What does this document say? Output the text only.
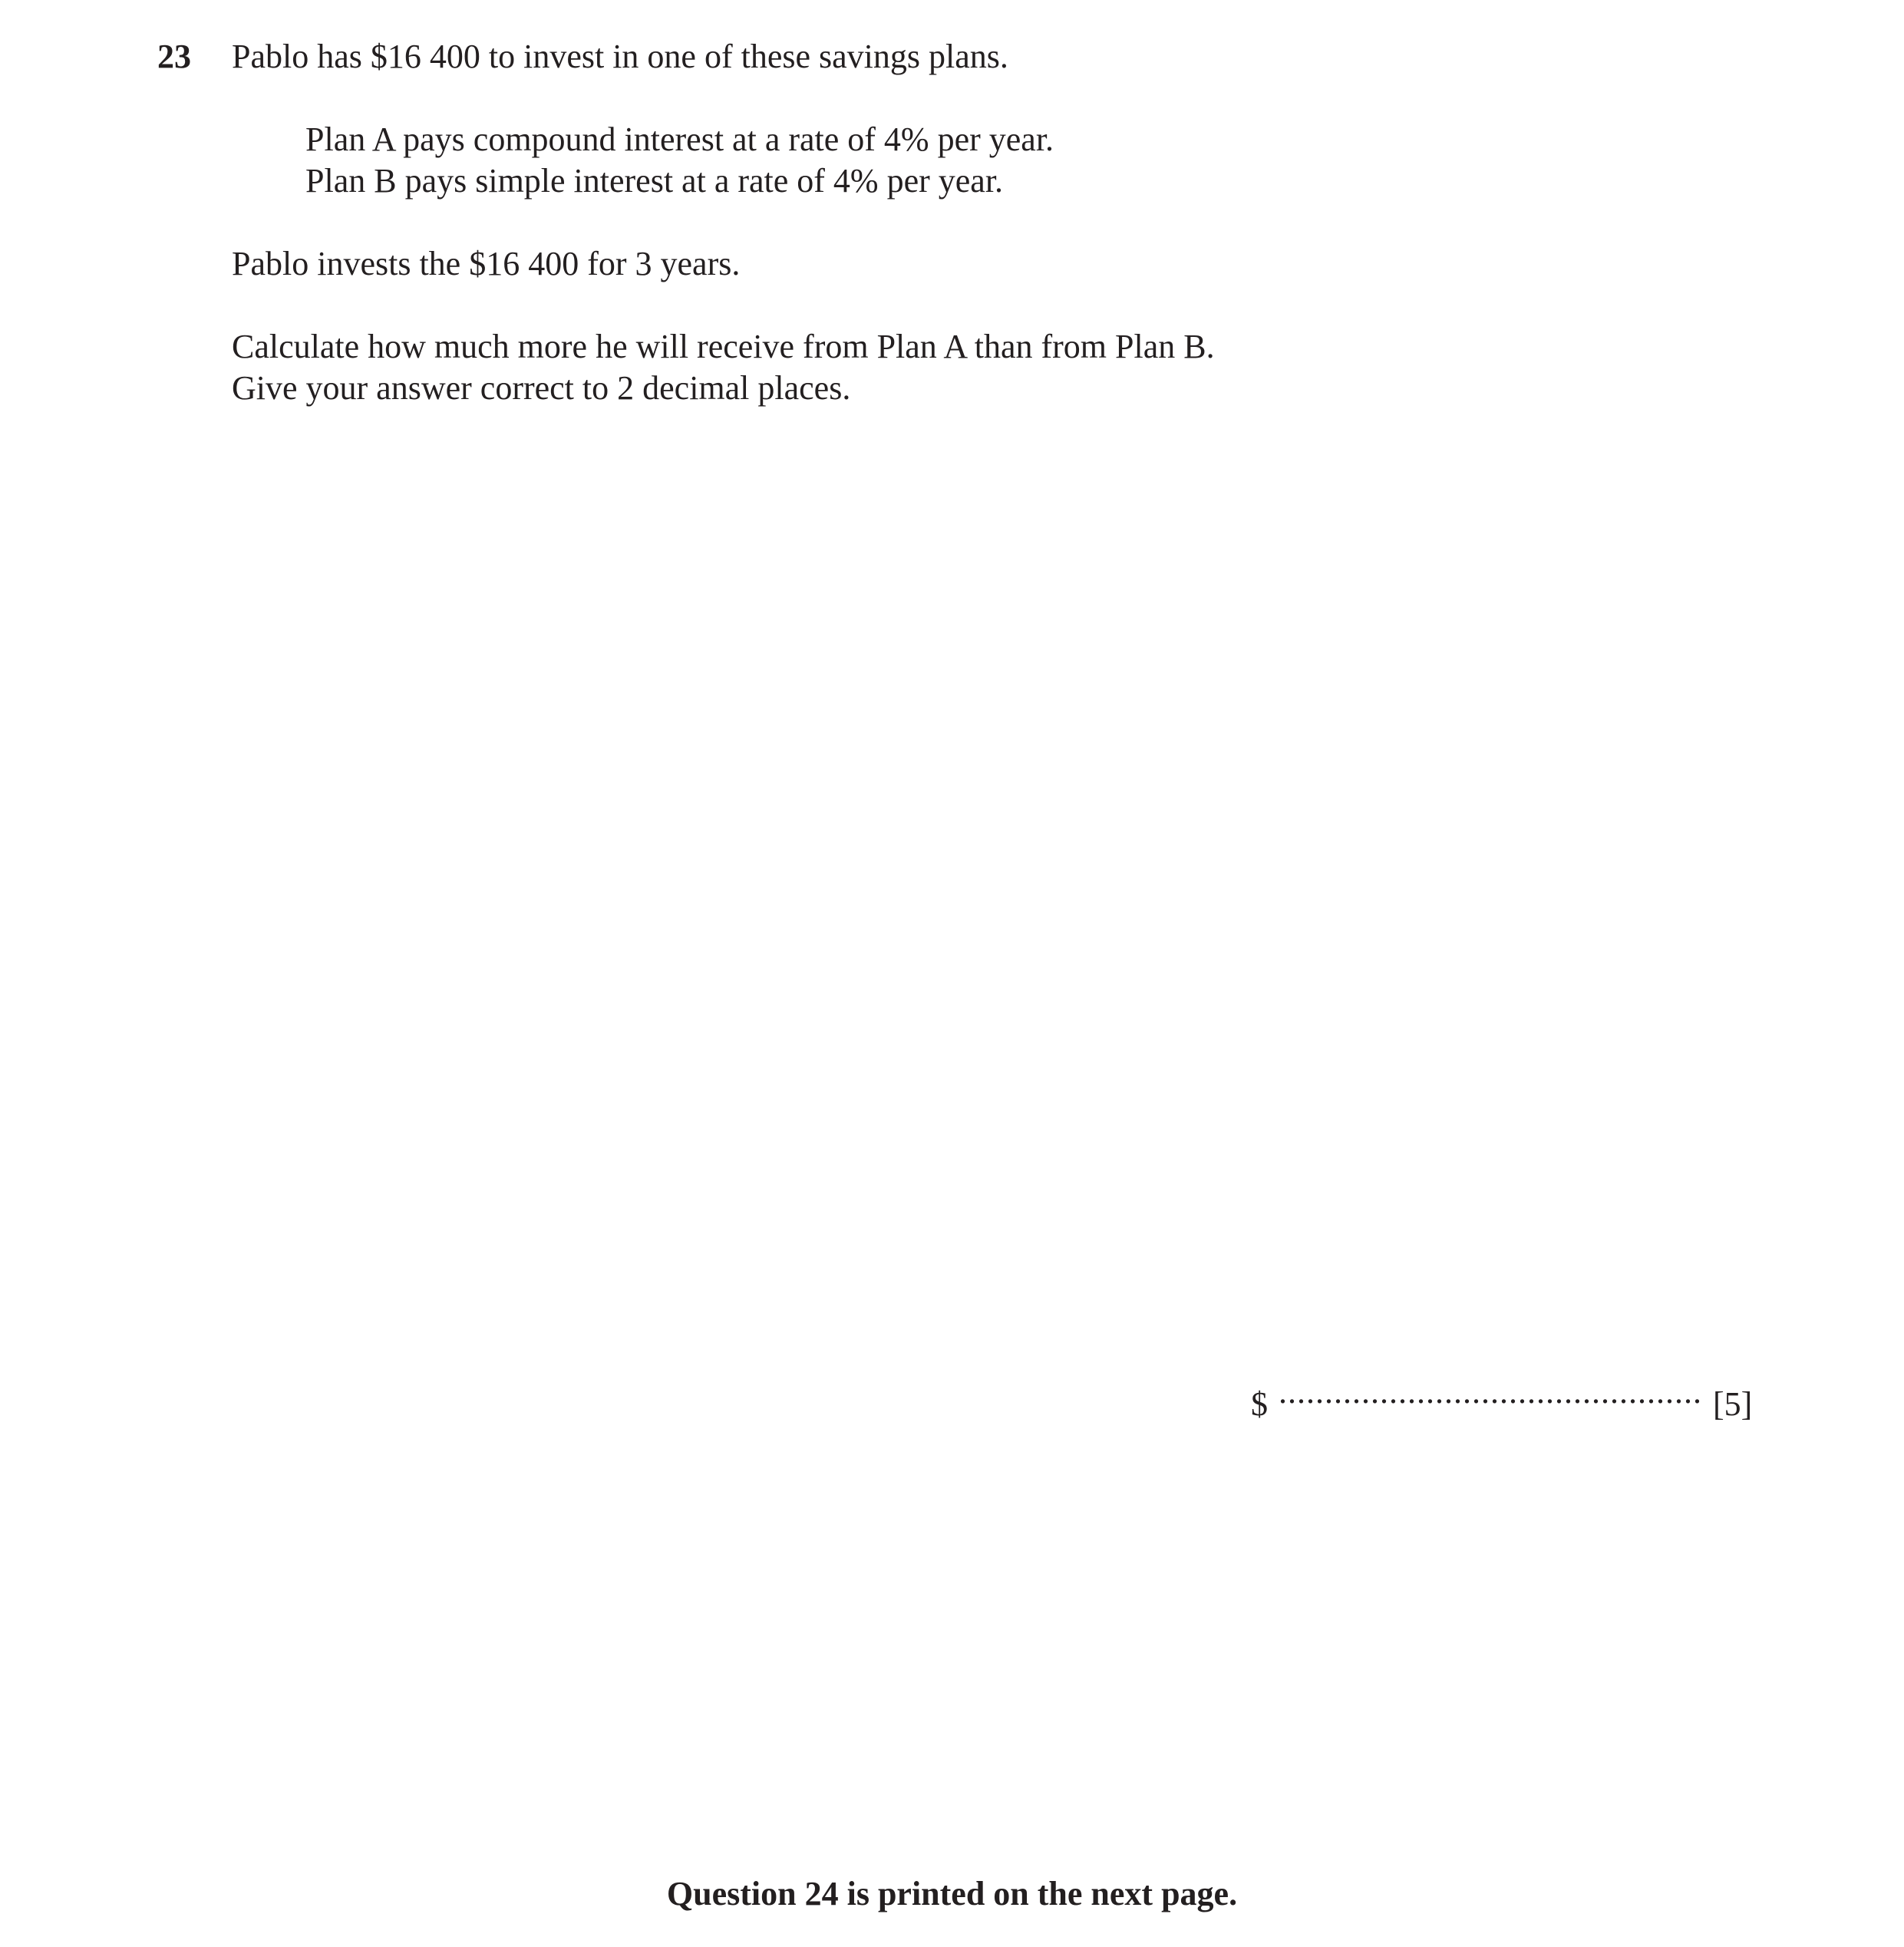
23 Pablo has $16 400 to invest in one of these savings plans.
Plan A pays compound interest at a rate of 4% per year.
Plan B pays simple interest at a rate of 4% per year.
Pablo invests the $16 400 for 3 years.
Calculate how much more he will receive from Plan A than from Plan B.
Give your answer correct to 2 decimal places.
$ .............................................. [5]
Question 24 is printed on the next page.
